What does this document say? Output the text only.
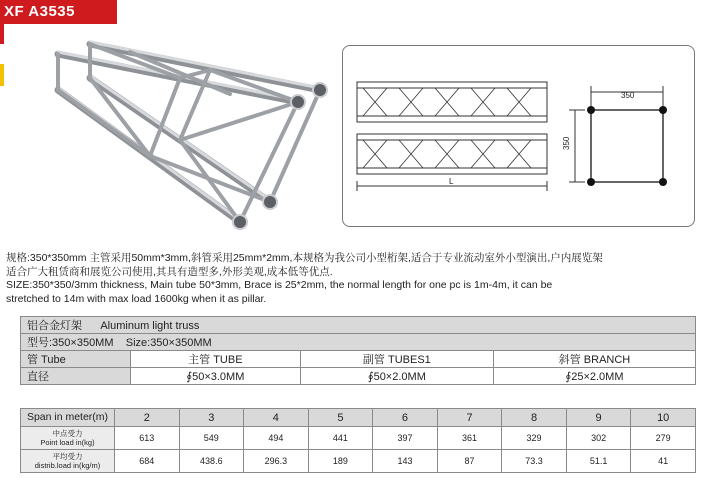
XF A3535
350
350
L

规格:350*350mm 主管采用50mm*3mm,斜管采用25mm*2mm,本规格为我公司小型桁架,适合于专业流动室外小型演出,户内展览架

适合广大租赁商和展览公司使用,其具有造型多,外形美观,成本低等优点.

SIZE:350*350/3mm thickness, Main tube 50*3mm, Brace is 25*2mm, the normal length for one pc is 1m-4m, it can be

stretched to 14m with max load 1600kg when it as pillar.

铝合金灯架      Aluminum light truss			
型号:350×350MM    Size:350×350MM			
管 Tube	主管 TUBE	副管 TUBES1	斜管 BRANCH
直径	∮50×3.0MM	∮50×2.0MM	∮25×2.0MM
Span in meter(m)	2	3	4	5	6	7	8	9	10

中点受力
Point load in(kg)	613	549	494	441	397	361	329	302	279

平均受力
distrib.load in(kg/m)	684	438.6	296.3	189	143	87	73.3	51.1	41
